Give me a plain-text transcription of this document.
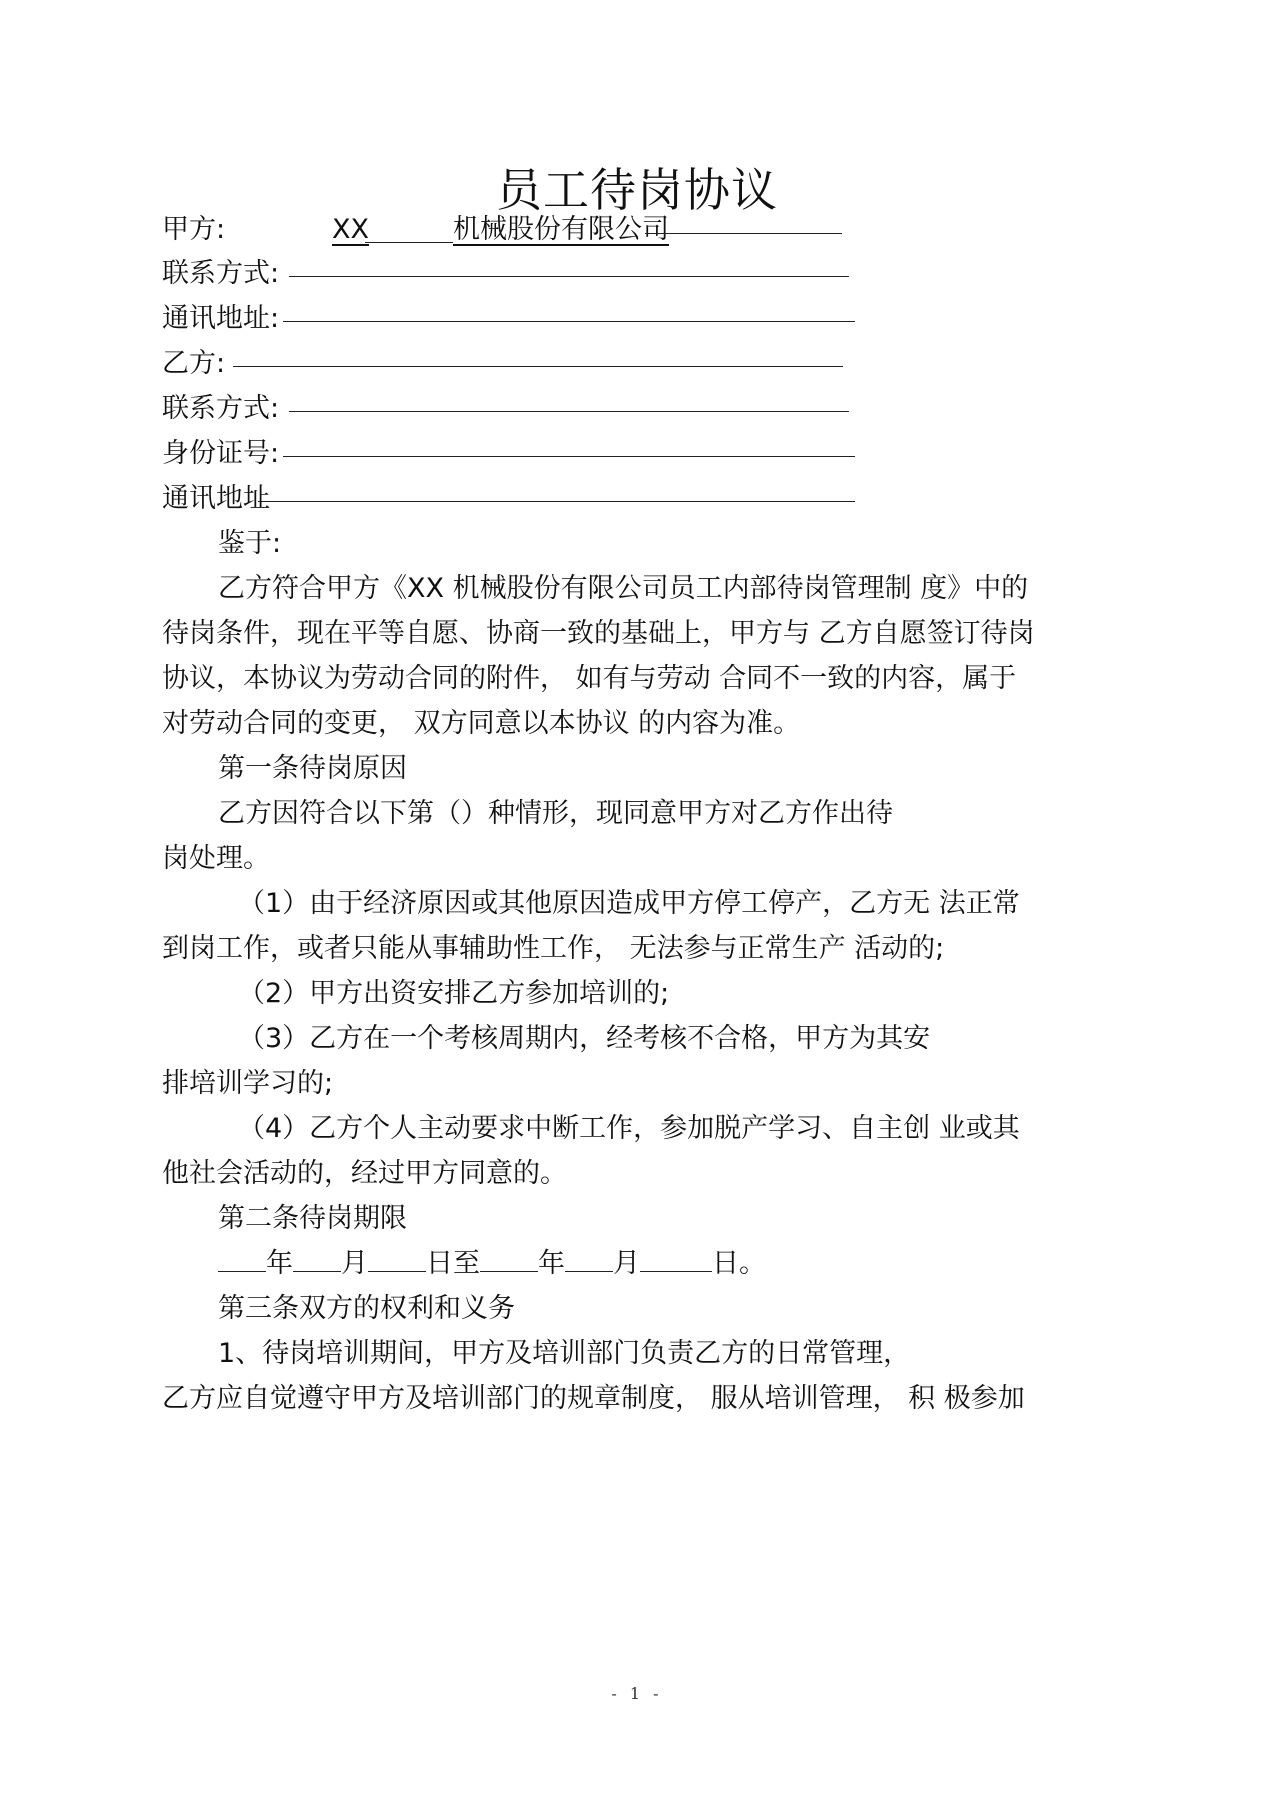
员工待岗协议
甲方:	XX	机械股份有限公司
联系方式:
通讯地址:
乙方:
联系方式:
身份证号:
通讯地址
鉴于:
乙方符合甲方《XX 机械股份有限公司员工内部待岗管理制 度》中的
待岗条件，现在平等自愿、协商一致的基础上，甲方与 乙方自愿签订待岗
协议，本协议为劳动合同的附件， 如有与劳动 合同不一致的内容，属于
对劳动合同的变更， 双方同意以本协议 的内容为准。
第一条待岗原因
乙方因符合以下第（）种情形，现同意甲方对乙方作出待
岗处理。
（1）由于经济原因或其他原因造成甲方停工停产，乙方无 法正常
到岗工作，或者只能从事辅助性工作， 无法参与正常生产 活动的;
（2）甲方出资安排乙方参加培训的;
（3）乙方在一个考核周期内，经考核不合格，甲方为其安
排培训学习的;
（4）乙方个人主动要求中断工作，参加脱产学习、自主创 业或其
他社会活动的，经过甲方同意的。
第二条待岗期限
年 月 日至 年 月	日。
第三条双方的权利和义务
1、待岗培训期间，甲方及培训部门负责乙方的日常管理，
乙方应自觉遵守甲方及培训部门的规章制度， 服从培训管理， 积 极参加
- 1 -
